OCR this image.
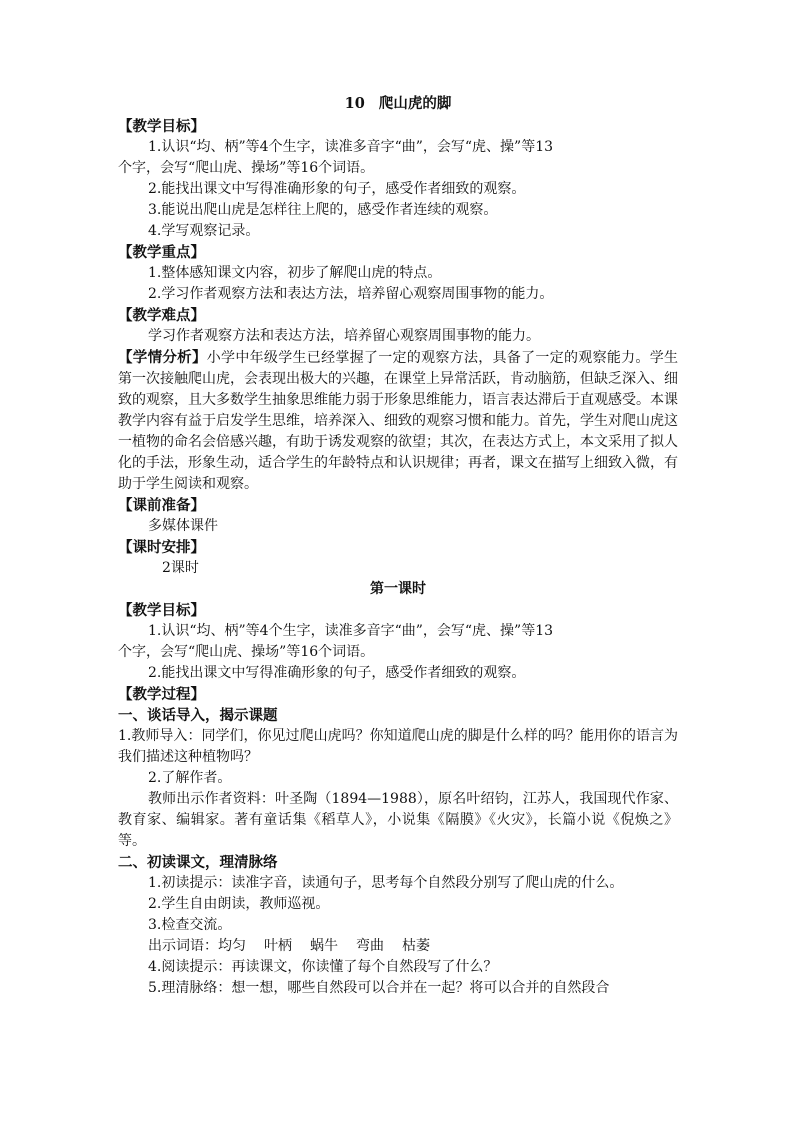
10 爬山虎的脚
【教学目标】
1.认识“均、柄”等4个生字，读准多音字“曲”，会写“虎、操”等13
个字，会写“爬山虎、操场”等16个词语。
2.能找出课文中写得准确形象的句子，感受作者细致的观察。
3.能说出爬山虎是怎样往上爬的，感受作者连续的观察。
4.学写观察记录。
【教学重点】
1.整体感知课文内容，初步了解爬山虎的特点。
2.学习作者观察方法和表达方法，培养留心观察周围事物的能力。
【教学难点】
学习作者观察方法和表达方法，培养留心观察周围事物的能力。
【学情分析】小学中年级学生已经掌握了一定的观察方法，具备了一定的观察能力。学生第一次接触爬山虎，会表现出极大的兴趣，在课堂上异常活跃，肯动脑筋，但缺乏深入、细致的观察，且大多数学生抽象思维能力弱于形象思维能力，语言表达滞后于直观感受。本课教学内容有益于启发学生思维，培养深入、细致的观察习惯和能力。首先，学生对爬山虎这一植物的命名会倍感兴趣，有助于诱发观察的欲望；其次，在表达方式上，本文采用了拟人化的手法，形象生动，适合学生的年龄特点和认识规律；再者，课文在描写上细致入微，有助于学生阅读和观察。
【课前准备】
多媒体课件
【课时安排】
2课时
第一课时
【教学目标】
1.认识“均、柄”等4个生字，读准多音字“曲”，会写“虎、操”等13
个字，会写“爬山虎、操场”等16个词语。
2.能找出课文中写得准确形象的句子，感受作者细致的观察。
【教学过程】
一、谈话导入，揭示课题
1.教师导入：同学们，你见过爬山虎吗？你知道爬山虎的脚是什么样的吗？能用你的语言为我们描述这种植物吗？
2.了解作者。
教师出示作者资料：叶圣陶（1894—1988），原名叶绍钧，江苏人，我国现代作家、教育家、编辑家。著有童话集《稻草人》，小说集《隔膜》《火灾》，长篇小说《倪焕之》等。
二、初读课文，理清脉络
1.初读提示：读准字音，读通句子，思考每个自然段分别写了爬山虎的什么。
2.学生自由朗读，教师巡视。
3.检查交流。
出示词语：均匀 叶柄 蜗牛 弯曲 枯萎
4.阅读提示：再读课文，你读懂了每个自然段写了什么？
5.理清脉络：想一想，哪些自然段可以合并在一起？将可以合并的自然段合
